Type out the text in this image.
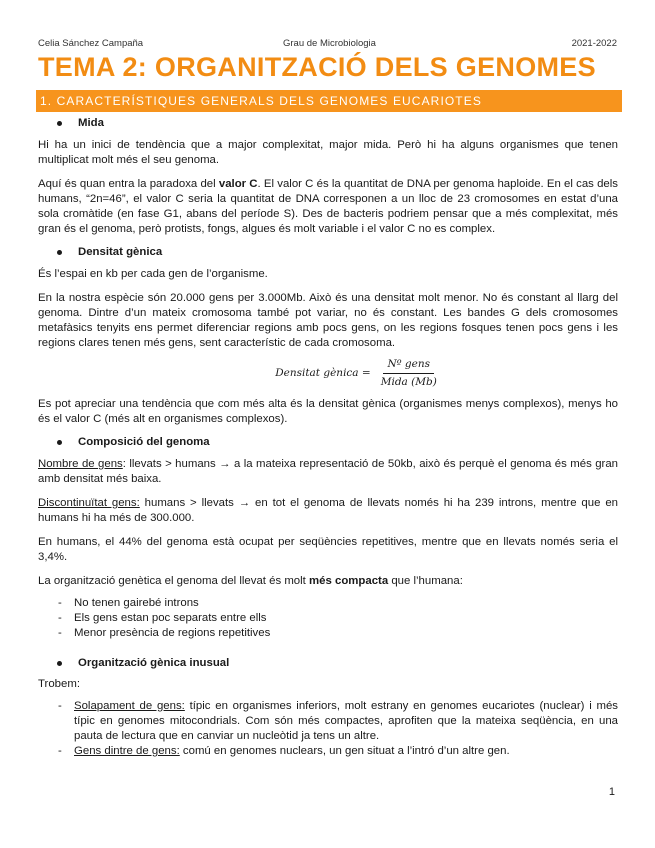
Celia Sánchez Campaña	Grau de Microbiologia	2021-2022
TEMA 2: ORGANITZACIÓ DELS GENOMES
1. CARACTERÍSTIQUES GENERALS DELS GENOMES EUCARIOTES
Mida

Hi ha un inici de tendència que a major complexitat, major mida. Però hi ha alguns organismes que tenen multiplicat molt més el seu genoma.

Aquí és quan entra la paradoxa del valor C. El valor C és la quantitat de DNA per genoma haploide. En el cas dels humans, “2n=46”, el valor C seria la quantitat de DNA corresponen a un lloc de 23 cromosomes en estat d’una sola cromàtide (en fase G1, abans del període S). Des de bacteris podriem pensar que a més complexitat, més gran és el genoma, però protists, fongs, algues és molt variable i el valor C no es complex.

Densitat gènica

És l’espai en kb per cada gen de l’organisme.

En la nostra espècie són 20.000 gens per 3.000Mb. Això és una densitat molt menor. No és constant al llarg del genoma. Dintre d’un mateix cromosoma també pot variar, no és constant. Les bandes G dels cromosomes metafàsics tenyits ens permet diferenciar regions amb pocs gens, on les regions fosques tenen pocs gens i les regions clares tenen més gens, sent característic de cada cromosoma.

Densitat gènica = $\frac{\text{Nº gens}}{\text{Mida (Mb)}}$

Es pot apreciar una tendència que com més alta és la densitat gènica (organismes menys complexos), menys ho és el valor C (més alt en organismes complexos).

Composició del genoma

Nombre de gens: llevats > humans → a la mateixa representació de 50kb, això és perquè el genoma és més gran amb densitat més baixa.

Discontinuïtat gens: humans > llevats → en tot el genoma de llevats només hi ha 239 introns, mentre que en humans hi ha més de 300.000.

En humans, el 44% del genoma està ocupat per seqüències repetitives, mentre que en llevats només seria el 3,4%.

La organització genètica el genoma del llevat és molt més compacta que l’humana:

-	No tenen gairebé introns
-	Els gens estan poc separats entre ells
-	Menor presència de regions repetitives
Organització gènica inusual

Trobem:

-	Solapament de gens: típic en organismes inferiors, molt estrany en genomes eucariotes (nuclear) i més típic en genomes mitocondrials. Com són més compactes, aprofiten que la mateixa seqüència, en una pauta de lectura que en canviar un nucleòtid ja tens un altre.
-	Gens dintre de gens: comú en genomes nuclears, un gen situat a l’intró d’un altre gen.
1
